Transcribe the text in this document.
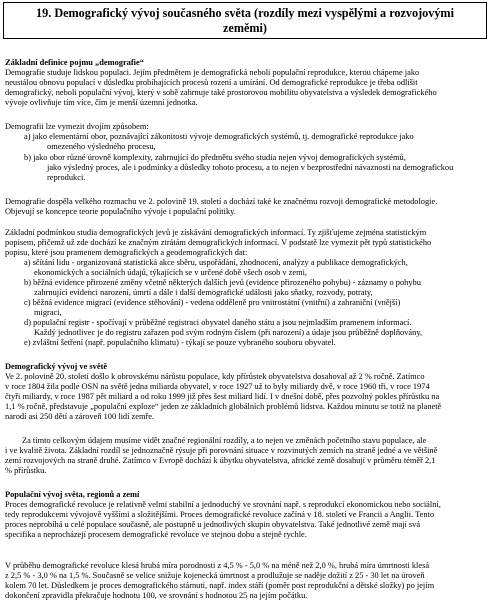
19. Demografický vývoj současného světa (rozdíly mezi vyspělými a rozvojovými
zeměmi)
Základní definice pojmu „demografie“
Demografie studuje lidskou populaci. Jejím předmětem je demografická neboli populační reprodukce, kterou chápeme jako
neustálou obnovu populací v důsledku probíhajících procesů rození a umírání. Od demografické reprodukce je třeba odlišit
demografický, neboli populační vývoj, který v sobě zahrnuje také prostorovou mobilitu obyvatelstva a výsledek demografického
vývoje ovlivňuje tím více, čím je menší územní jednotka.
Demografii lze vymezit dvojím způsobem:
a) jako elementární obor, poznávající zákonitosti vývoje demografických systémů, tj. demografické reprodukce jako
omezeného výsledného procesu,
b) jako obor různé úrovně komplexity, zahrnující do předmětu svého studia nejen vývoj demografických systémů,
jako výsledný proces, ale i podmínky a důsledky tohoto procesu, a to nejen v bezprostřední návaznosti na demografickou
reprodukci.
Demografie dospěla velkého rozmachu ve 2. polovině 19. století a dochází také ke značnému rozvoji demografické metodologie.
Objevují se koncepce teorie populačního vývoje i populační politiky.
Základní podmínkou studia demografických jevů je získávání demografických informací. Ty zjišťujeme zejména statistickým
popisem, přičemž už zde dochází ke značným ztrátám demografických informací. V podstatě lze vymezit pět typů statistického
popisu, které jsou pramenem demografických a geodemografických dat:
a) sčítání lidu - organizovaná statistická akce sběru, uspořádání, zhodnocení, analýzy a publikace demografických,
ekonomických a sociálních údajů, týkajících se v určené době všech osob v zemi,
b) běžná evidence přirozené změny včetně některých dalších jevů (evidence přirozeného pohybu) - záznamy o pohybu
zahrnující evidenci narození, úmrtí a dále i další demografické události jako sňatky, rozvody, potraty,
c) běžná evidence migrací (evidence stěhování) - vedena odděleně pro vnitrostátní (vnitřní) a zahraniční (vnější)
migraci,
d) populační registr - spočívají v průběžné registraci obyvatel daného státu a jsou nejmladším pramenem informací.
Každý jednotlivec je do registru zařazen pod svým rodným číslem (při narození) a údaje jsou průběžně doplňovány,
e) zvláštní šetření (např. populačního klimatu) - týkají se pouze vybraného souboru obyvatel.
Demografický vývoj ve světě
Ve 2. polovině 20. století došlo k obrovskému nárůstu populace, kdy přírůstek obyvatelstva dosahoval až 2 % ročně. Zatímco
v roce 1804 žila podle OSN na světě jedna miliarda obyvatel, v roce 1927 už to byly miliardy dvě, v roce 1960 tři, v roce 1974
čtyři miliardy, v roce 1987 pět miliard a od roku 1999 již přes šest miliard lidí. I v dnešní době, přes pozvolný pokles přírůstku na
1,1 % ročně, představuje „populační exploze“ jeden ze základních globálních problémů lidstva. Každou minutu se totiž na planetě
narodí asi 250 dětí a zároveň 100 lidí zemře.
Za tímto celkovým údajem musíme vidět značné regionální rozdíly, a to nejen ve změnách početního stavu populace, ale
i ve kvalitě života. Základní rozdíl se jednoznačně rýsuje při porovnání situace v rozvinutých zemích na straně jedné a ve většině
zemí rozvojových na straně druhé. Zatímco v Evropě dochází k úbytku obyvatelstva, africké země dosahují v průměru téměř 2,1
% přírůstku.
Populační vývoj světa, regionů a zemí
Proces demografické revoluce je relativně velmi stabilní a jednoduchý ve srovnání např. s reprodukcí ekonomickou nebo sociální,
tedy reprodukcemi vývojově vyššími a složitějšími. Proces demografické revoluce začíná v 18. století ve Francii a Anglii. Tento
proces neprobíhá u celé populace současně, ale postupně u jednotlivých skupin obyvatelstva. Také jednotlivé země mají svá
specifika a neprocházejí procesem demografické revoluce ve stejnou dobu a stejně rychle.
V průběhu demografické revoluce klesá hrubá míra porodnosti z 4,5 % - 5,0 % na méně než 2,0 %, hrubá míra úmrtnosti klesá
z 2,5 % - 3,0 % na 1,5 %. Současně se velice snižuje kojenecká úmrtnost a prodlužuje se naděje dožití z 25 - 30 let na úroveň
kolem 70 let. Důsledkem je proces demografického stárnutí, např. index stáří (poměr post reprodukční a dětské složky) po jejím
dokončení zpravidla překračuje hodnotu 100, ve srovnání s hodnotou 25 na jejím počátku.
